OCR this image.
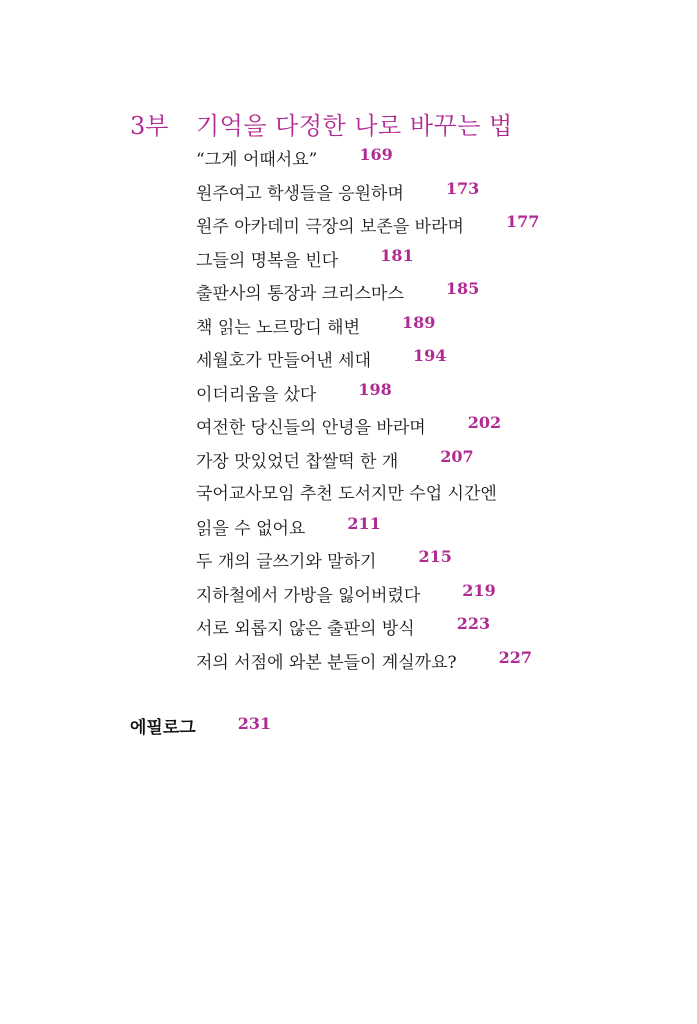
3부	기억을 다정한 나로 바꾸는 법
“그게 어때서요”	169
원주여고 학생들을 응원하며	173
원주 아카데미 극장의 보존을 바라며	177
그들의 명복을 빈다	181
출판사의 통장과 크리스마스	185
책 읽는 노르망디 해변	189
세월호가 만들어낸 세대	194
이더리움을 샀다	198
여전한 당신들의 안녕을 바라며	202
가장 맛있었던 찹쌀떡 한 개	207
국어교사모임 추천 도서지만 수업 시간엔
읽을 수 없어요	211
두 개의 글쓰기와 말하기	215
지하철에서 가방을 잃어버렸다	219
서로 외롭지 않은 출판의 방식	223
저의 서점에 와본 분들이 계실까요?	227
에필로그	231
